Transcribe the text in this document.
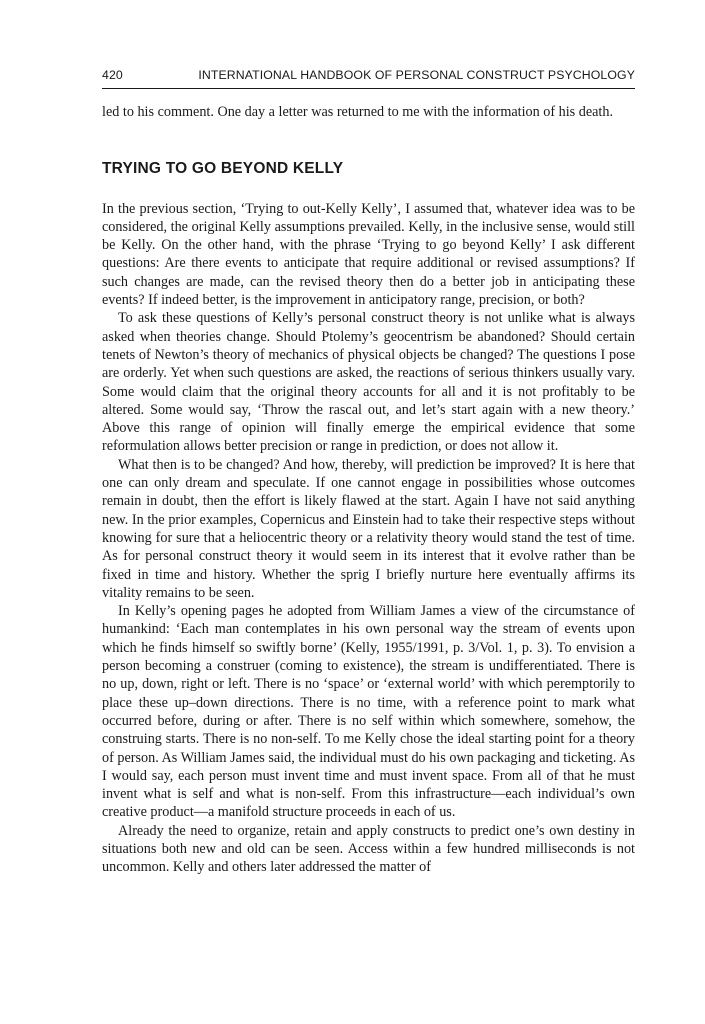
420	INTERNATIONAL HANDBOOK OF PERSONAL CONSTRUCT PSYCHOLOGY

led to his comment. One day a letter was returned to me with the information of his death.

TRYING TO GO BEYOND KELLY

In the previous section, ‘Trying to out-Kelly Kelly’, I assumed that, whatever idea was to be considered, the original Kelly assumptions prevailed. Kelly, in the inclusive sense, would still be Kelly. On the other hand, with the phrase ‘Trying to go beyond Kelly’ I ask different questions: Are there events to anticipate that require additional or revised assumptions? If such changes are made, can the revised theory then do a better job in anticipating these events? If indeed better, is the improvement in anticipatory range, precision, or both?

To ask these questions of Kelly’s personal construct theory is not unlike what is always asked when theories change. Should Ptolemy’s geocentrism be abandoned? Should certain tenets of Newton’s theory of mechanics of physical objects be changed? The questions I pose are orderly. Yet when such questions are asked, the reactions of serious thinkers usually vary. Some would claim that the original theory accounts for all and it is not profitably to be altered. Some would say, ‘Throw the rascal out, and let’s start again with a new theory.’ Above this range of opinion will finally emerge the empirical evidence that some reformulation allows better precision or range in prediction, or does not allow it.

What then is to be changed? And how, thereby, will prediction be improved? It is here that one can only dream and speculate. If one cannot engage in possibilities whose outcomes remain in doubt, then the effort is likely flawed at the start. Again I have not said anything new. In the prior examples, Copernicus and Einstein had to take their respective steps without knowing for sure that a heliocentric theory or a relativity theory would stand the test of time. As for personal construct theory it would seem in its interest that it evolve rather than be fixed in time and history. Whether the sprig I briefly nurture here eventually affirms its vitality remains to be seen.

In Kelly’s opening pages he adopted from William James a view of the circumstance of humankind: ‘Each man contemplates in his own personal way the stream of events upon which he finds himself so swiftly borne’ (Kelly, 1955/1991, p. 3/Vol. 1, p. 3). To envision a person becoming a construer (coming to existence), the stream is undifferentiated. There is no up, down, right or left. There is no ‘space’ or ‘external world’ with which peremptorily to place these up–down directions. There is no time, with a reference point to mark what occurred before, during or after. There is no self within which somewhere, somehow, the construing starts. There is no non-self. To me Kelly chose the ideal starting point for a theory of person. As William James said, the individual must do his own packaging and ticketing. As I would say, each person must invent time and must invent space. From all of that he must invent what is self and what is non-self. From this infrastructure—each individual’s own creative product—a manifold structure proceeds in each of us.

Already the need to organize, retain and apply constructs to predict one’s own destiny in situations both new and old can be seen. Access within a few hundred milliseconds is not uncommon. Kelly and others later addressed the matter of
